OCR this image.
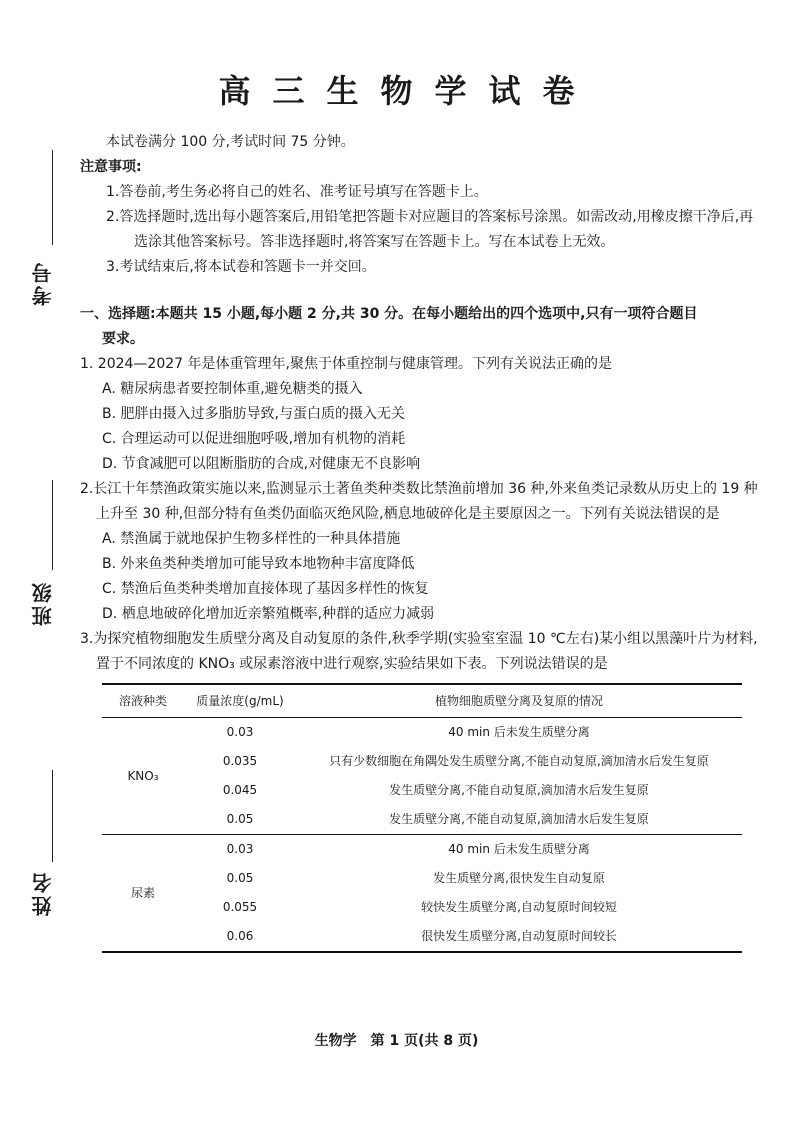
考号
班级
姓名
高三生物学试卷

本试卷满分 100 分,考试时间 75 分钟。

注意事项:

1.答卷前,考生务必将自己的姓名、准考证号填写在答题卡上。

2.答选择题时,选出每小题答案后,用铅笔把答题卡对应题目的答案标号涂黑。如需改动,用橡皮擦干净后,再选涂其他答案标号。答非选择题时,将答案写在答题卡上。写在本试卷上无效。

3.考试结束后,将本试卷和答题卡一并交回。

一、选择题:本题共 15 小题,每小题 2 分,共 30 分。在每小题给出的四个选项中,只有一项符合题目
要求。

1. 2024—2027 年是体重管理年,聚焦于体重控制与健康管理。下列有关说法正确的是

A. 糖尿病患者要控制体重,避免糖类的摄入

B. 肥胖由摄入过多脂肪导致,与蛋白质的摄入无关

C. 合理运动可以促进细胞呼吸,增加有机物的消耗

D. 节食减肥可以阻断脂肪的合成,对健康无不良影响

2.长江十年禁渔政策实施以来,监测显示土著鱼类种类数比禁渔前增加 36 种,外来鱼类记录数从历史上的 19 种上升至 30 种,但部分特有鱼类仍面临灭绝风险,栖息地破碎化是主要原因之一。下列有关说法错误的是

A. 禁渔属于就地保护生物多样性的一种具体措施

B. 外来鱼类种类增加可能导致本地物种丰富度降低

C. 禁渔后鱼类种类增加直接体现了基因多样性的恢复

D. 栖息地破碎化增加近亲繁殖概率,种群的适应力减弱

3.为探究植物细胞发生质壁分离及自动复原的条件,秋季学期(实验室室温 10 ℃左右)某小组以黑藻叶片为材料,置于不同浓度的 KNO₃ 或尿素溶液中进行观察,实验结果如下表。下列说法错误的是

溶液种类	质量浓度(g/mL)	植物细胞质壁分离及复原的情况
KNO₃	0.03	40 min 后未发生质壁分离
	0.035	只有少数细胞在角隅处发生质壁分离,不能自动复原,滴加清水后发生复原
	0.045	发生质壁分离,不能自动复原,滴加清水后发生复原
	0.05	发生质壁分离,不能自动复原,滴加清水后发生复原
尿素	0.03	40 min 后未发生质壁分离
	0.05	发生质壁分离,很快发生自动复原
	0.055	较快发生质壁分离,自动复原时间较短
	0.06	很快发生质壁分离,自动复原时间较长
生物学　第 1 页(共 8 页)
